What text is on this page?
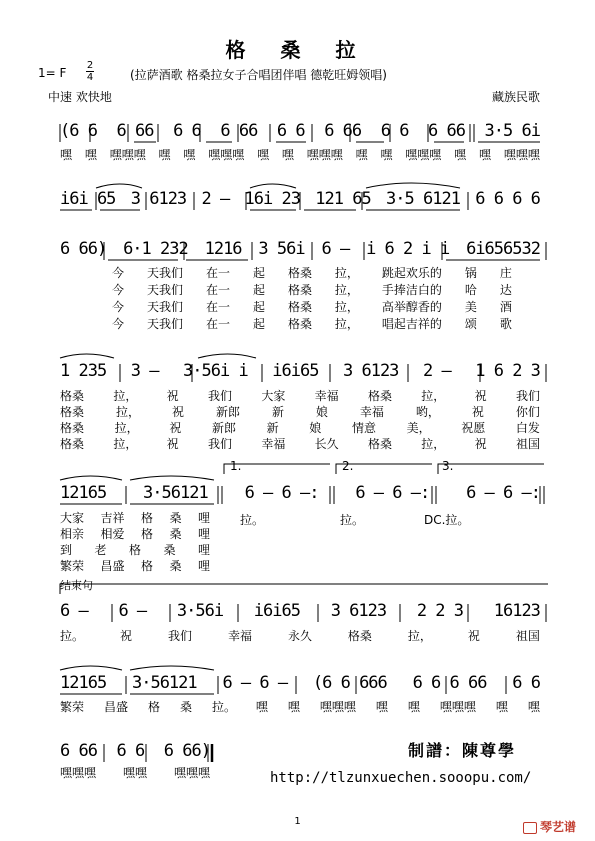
格 桑 拉
1= F
2
4	(拉萨酒歌 格桑拉女子合唱团伴唱 德乾旺姆领唱)
中速 欢快地	藏族民歌
(6 6 6 66 6 6 6 66 6 6 6 66 6 6 6 66 3·5 6i
嘿 嘿 嘿嘿嘿 嘿 嘿 嘿嘿嘿 嘿 嘿 嘿嘿嘿 嘿 嘿 嘿嘿嘿 嘿 嘿 嘿嘿嘿
i6i 65 3 6123 2 – 16i 23 121 65 3·5 6121 6 6 6 6
6 66) 6·1 232 1216 3 56i 6 – i 6 2 i i 6i656532
今 天我们 在一 起 格桑 拉， 跳起欢乐的 锅 庄
今 天我们 在一 起 格桑 拉， 手捧洁白的 哈 达
今 天我们 在一 起 格桑 拉， 高举醇香的 美 酒
今 天我们 在一 起 格桑 拉， 唱起吉祥的 颂 歌
1 235 3 – 3·56i i i6i65 3 6123 2 – 1 6 2 3
格桑 拉， 祝 我们 大家 幸福 格桑 拉， 祝 我们
格桑	拉，	祝	新郎	新	娘	幸福	哟，	祝	你们
格桑	拉，	祝	新郎	新	娘	情意	美，	祝愿	白发
格桑 拉， 祝 我们 幸福 长久 格桑 拉， 祝 祖国
1.	2.	3.
12165 3·56121 6 – 6 –: 6 – 6 –: 6 – 6 –:
大家 吉祥 格 桑 哩
相亲 相爱 格 桑 哩
到 老 格 桑 哩
繁荣 昌盛 格 桑 哩
拉。	拉。	DC.拉。
结束句
6 – 6 – 3·56i i6i65 3 6123 2 2 3 16123
拉。	祝	我们	幸福	永久	格桑	拉，	祝	祖国
12165 3·56121 6 – 6 – (6 6 666 6 6 6 66 6 6
繁荣 昌盛 格 桑 拉。 嘿 嘿 嘿嘿嘿 嘿 嘿 嘿嘿嘿 嘿 嘿
6 66 6 6 6 66)
嘿嘿嘿 嘿嘿 嘿嘿嘿
制譜：陳尊學
http://tlzunxuechen.sooopu.com/
1	琴艺谱
